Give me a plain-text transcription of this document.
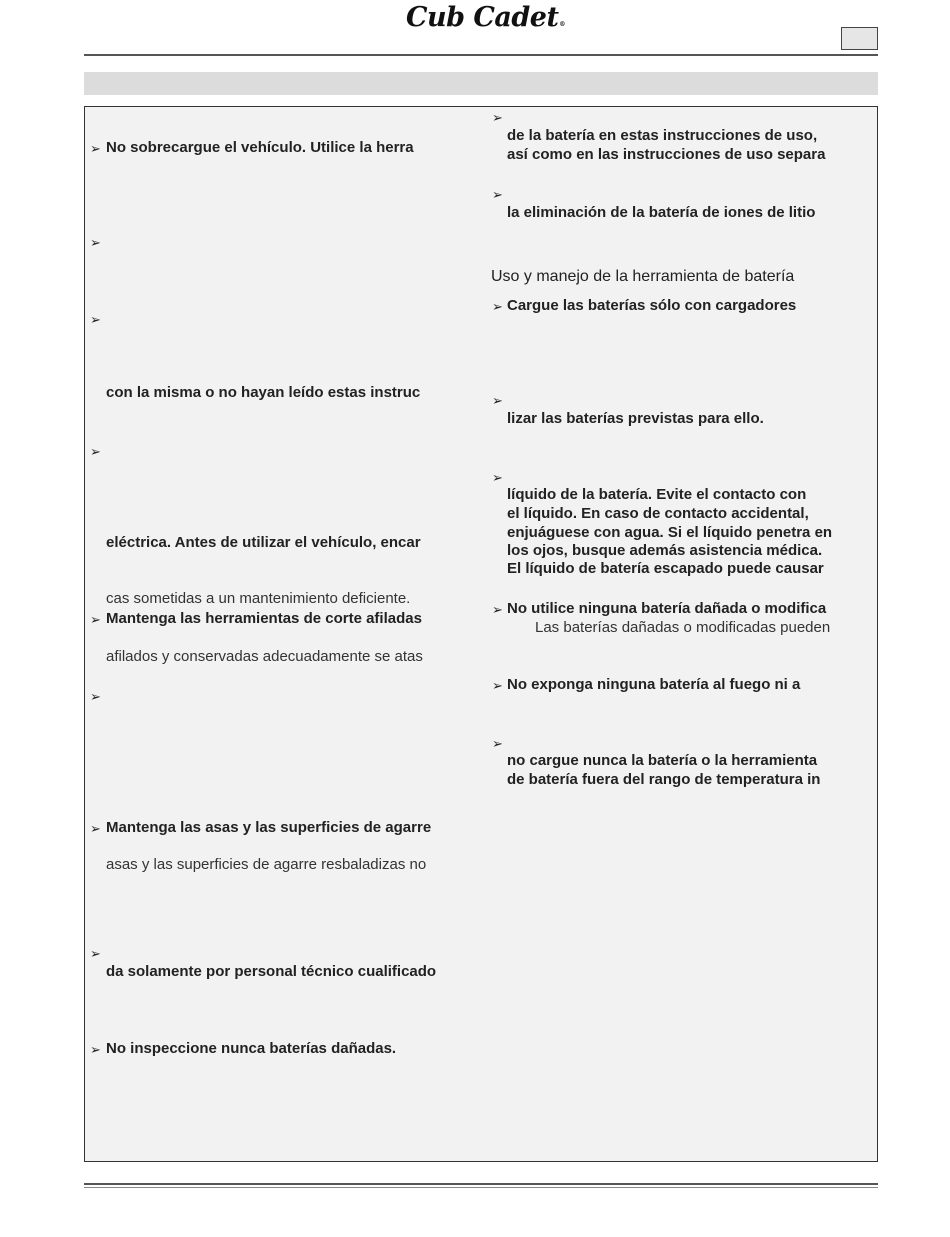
Cub Cadet®
➢ No sobrecargue el vehículo. Utilice la herra
➢
➢
con la misma o no hayan leído estas instruc
➢
eléctrica. Antes de utilizar el vehículo, encar
cas sometidas a un mantenimiento deficiente.
➢ Mantenga las herramientas de corte afiladas
afilados y conservadas adecuadamente se atas
➢
➢ Mantenga las asas y las superficies de agarre
asas y las superficies de agarre resbaladizas no
➢
da solamente por personal técnico cualificado
➢ No inspeccione nunca baterías dañadas.
➢
de la batería en estas instrucciones de uso,
así como en las instrucciones de uso separa
➢
la eliminación de la batería de iones de litio
Uso y manejo de la herramienta de batería
➢ Cargue las baterías sólo con cargadores
➢
lizar las baterías previstas para ello.
➢
líquido de la batería. Evite el contacto con
el líquido. En caso de contacto accidental,
enjuáguese con agua. Si el líquido penetra en
los ojos, busque además asistencia médica.
El líquido de batería escapado puede causar
➢ No utilice ninguna batería dañada o modifica
Las baterías dañadas o modificadas pueden
➢ No exponga ninguna batería al fuego ni a
➢
no cargue nunca la batería o la herramienta
de batería fuera del rango de temperatura in
